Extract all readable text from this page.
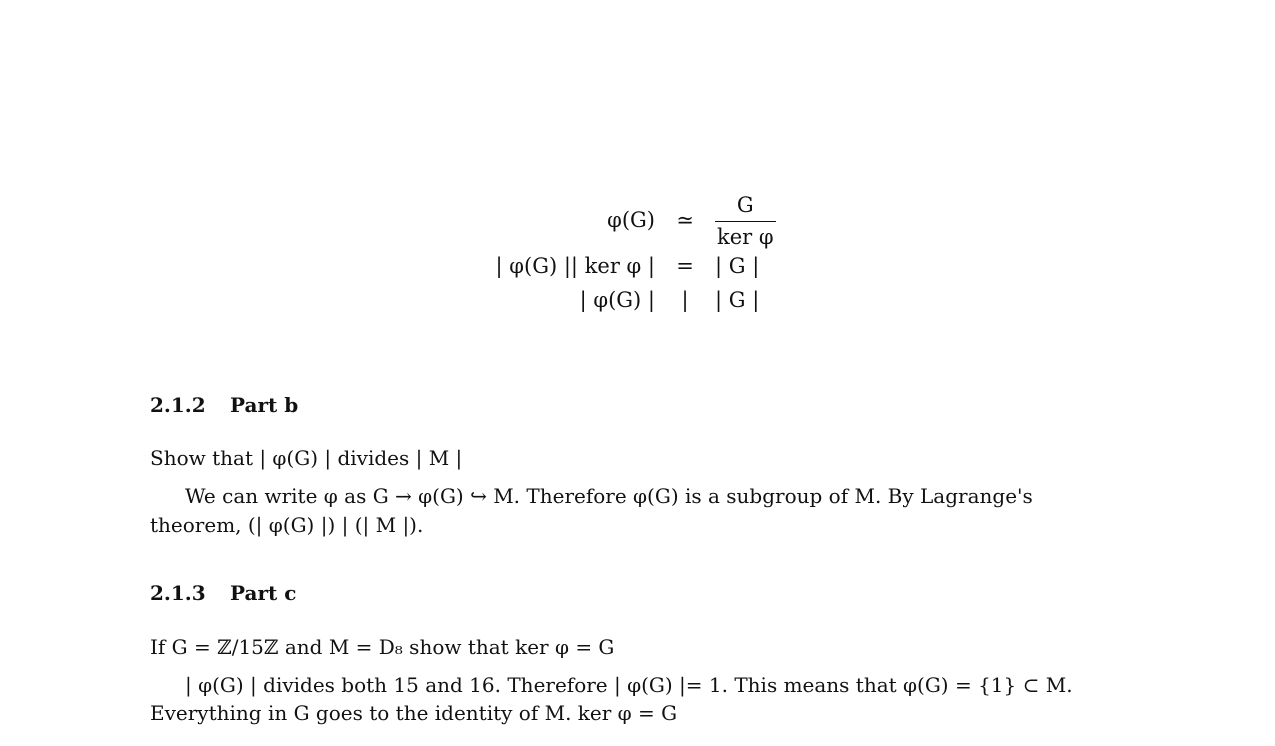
φ(G)	≃	$\frac{G}{\text{ker φ}}$
| φ(G) || ker φ |	=	| G |
| φ(G) |	|	| G |
2.1.2 Part b
Show that | φ(G) | divides | M |
We can write φ as G → φ(G) ↪ M. Therefore φ(G) is a subgroup of M. By Lagrange's
theorem, (| φ(G) |) | (| M |).
2.1.3 Part c
If G = ℤ/15ℤ and M = D₈ show that ker φ = G
| φ(G) | divides both 15 and 16. Therefore | φ(G) |= 1. This means that φ(G) = {1} ⊂ M.
Everything in G goes to the identity of M. ker φ = G
